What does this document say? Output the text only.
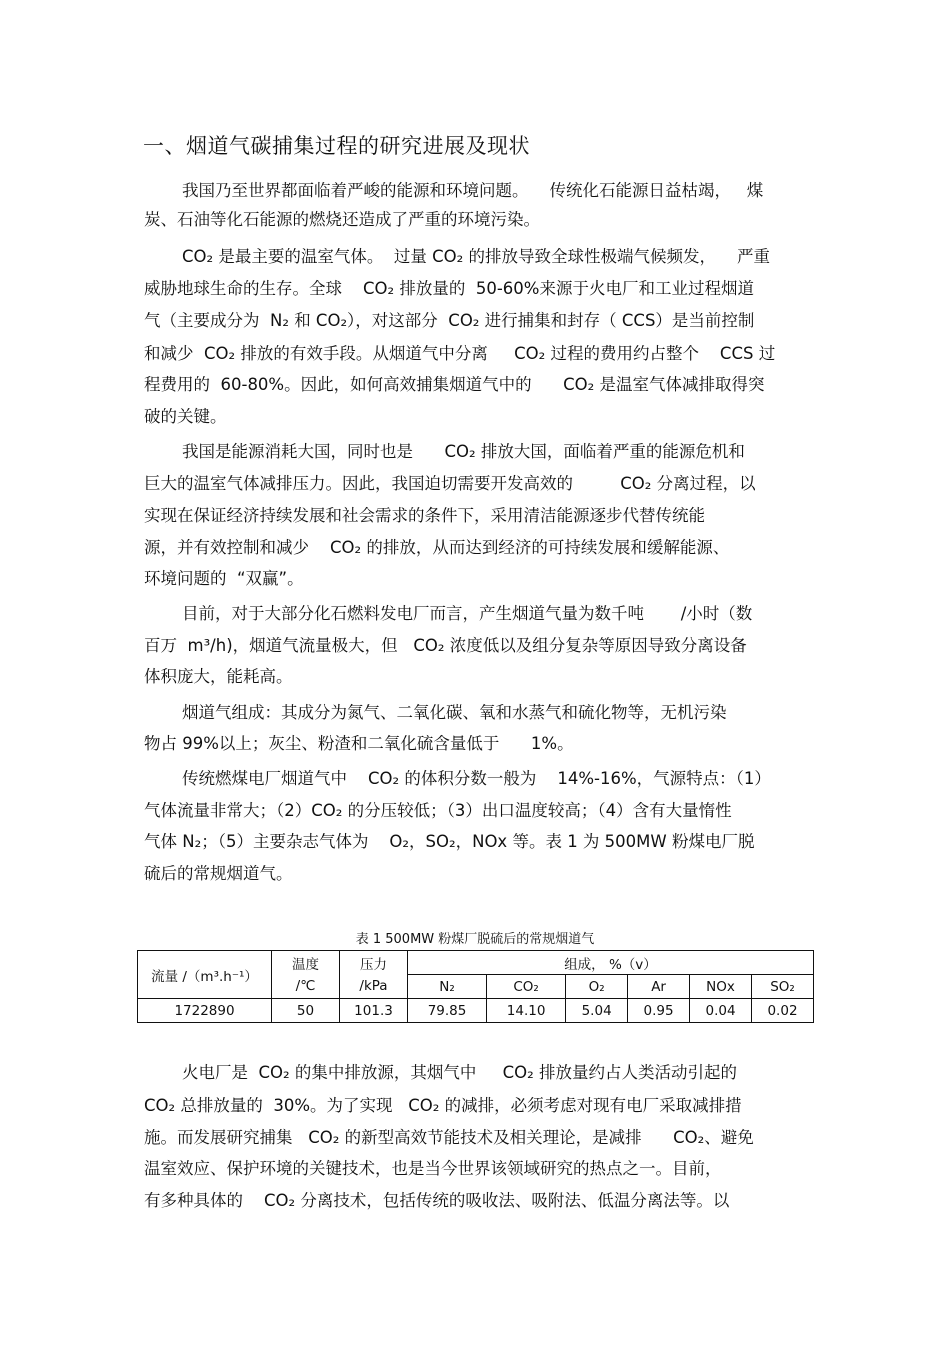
一、烟道气碳捕集过程的研究进展及现状

我国乃至世界都面临着严峻的能源和环境问题。    传统化石能源日益枯竭，   煤

炭、石油等化石能源的燃烧还造成了严重的环境污染。

CO₂ 是最主要的温室气体。  过量 CO₂ 的排放导致全球性极端气候频发，    严重

威胁地球生命的生存。全球    CO₂ 排放量的  50-60%来源于火电厂和工业过程烟道

气（主要成分为  N₂ 和 CO₂），对这部分  CO₂ 进行捕集和封存（ CCS）是当前控制

和减少  CO₂ 排放的有效手段。从烟道气中分离     CO₂ 过程的费用约占整个    CCS 过

程费用的  60-80%。因此，如何高效捕集烟道气中的      CO₂ 是温室气体减排取得突

破的关键。

我国是能源消耗大国，同时也是      CO₂ 排放大国，面临着严重的能源危机和

巨大的温室气体减排压力。因此，我国迫切需要开发高效的         CO₂ 分离过程，以

实现在保证经济持续发展和社会需求的条件下，采用清洁能源逐步代替传统能

源，并有效控制和减少    CO₂ 的排放，从而达到经济的可持续发展和缓解能源、

环境问题的  “双赢”。

目前，对于大部分化石燃料发电厂而言，产生烟道气量为数千吨       /小时（数

百万  m³/h)，烟道气流量极大，但   CO₂ 浓度低以及组分复杂等原因导致分离设备

体积庞大，能耗高。

烟道气组成：其成分为氮气、二氧化碳、氧和水蒸气和硫化物等，无机污染

物占 99%以上；灰尘、粉渣和二氧化硫含量低于      1%。

传统燃煤电厂烟道气中    CO₂ 的体积分数一般为    14%-16%，气源特点：（1）

气体流量非常大；（2）CO₂ 的分压较低；（3）出口温度较高；（4）含有大量惰性

气体 N₂；（5）主要杂志气体为    O₂，SO₂，NOx 等。表 1 为 500MW 粉煤电厂脱

硫后的常规烟道气。

表 1 500MW 粉煤厂脱硫后的常规烟道气
流量 /（m³.h⁻¹）	温度	压力	组成， %（v）					
	/℃	/kPa	N₂	CO₂	O₂	Ar	NOx	SO₂
1722890	50	101.3	79.85	14.10	5.04	0.95	0.04	0.02

火电厂是  CO₂ 的集中排放源，其烟气中     CO₂ 排放量约占人类活动引起的

CO₂ 总排放量的  30%。为了实现   CO₂ 的减排，必须考虑对现有电厂采取减排措

施。而发展研究捕集   CO₂ 的新型高效节能技术及相关理论，是减排      CO₂、避免

温室效应、保护环境的关键技术，也是当今世界该领域研究的热点之一。目前，

有多种具体的    CO₂ 分离技术，包括传统的吸收法、吸附法、低温分离法等。以
